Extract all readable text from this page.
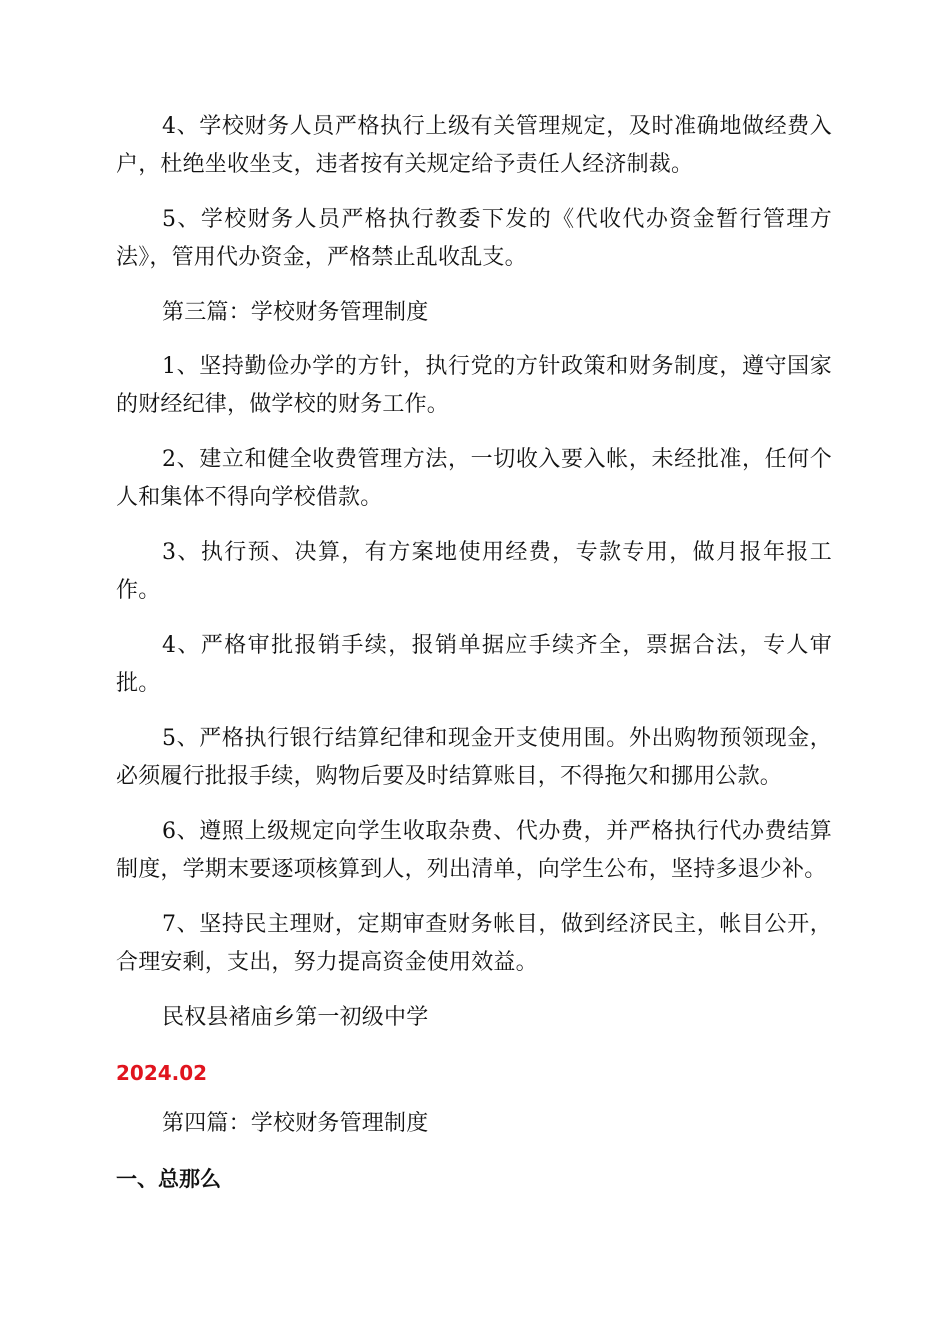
4、学校财务人员严格执行上级有关管理规定，及时准确地做经费入户，杜绝坐收坐支，违者按有关规定给予责任人经济制裁。

5、学校财务人员严格执行教委下发的《代收代办资金暂行管理方法》，管用代办资金，严格禁止乱收乱支。

第三篇：学校财务管理制度

1、坚持勤俭办学的方针，执行党的方针政策和财务制度，遵守国家的财经纪律，做学校的财务工作。

2、建立和健全收费管理方法，一切收入要入帐，未经批准，任何个人和集体不得向学校借款。

3、执行预、决算，有方案地使用经费，专款专用，做月报年报工作。

4、严格审批报销手续，报销单据应手续齐全，票据合法，专人审批。

5、严格执行银行结算纪律和现金开支使用围。外出购物预领现金，必须履行批报手续，购物后要及时结算账目，不得拖欠和挪用公款。

6、遵照上级规定向学生收取杂费、代办费，并严格执行代办费结算制度，学期末要逐项核算到人，列出清单，向学生公布，坚持多退少补。

7、坚持民主理财，定期审查财务帐目，做到经济民主，帐目公开，合理安剩，支出，努力提高资金使用效益。

民权县褚庙乡第一初级中学

2024.02

第四篇：学校财务管理制度

一、总那么
